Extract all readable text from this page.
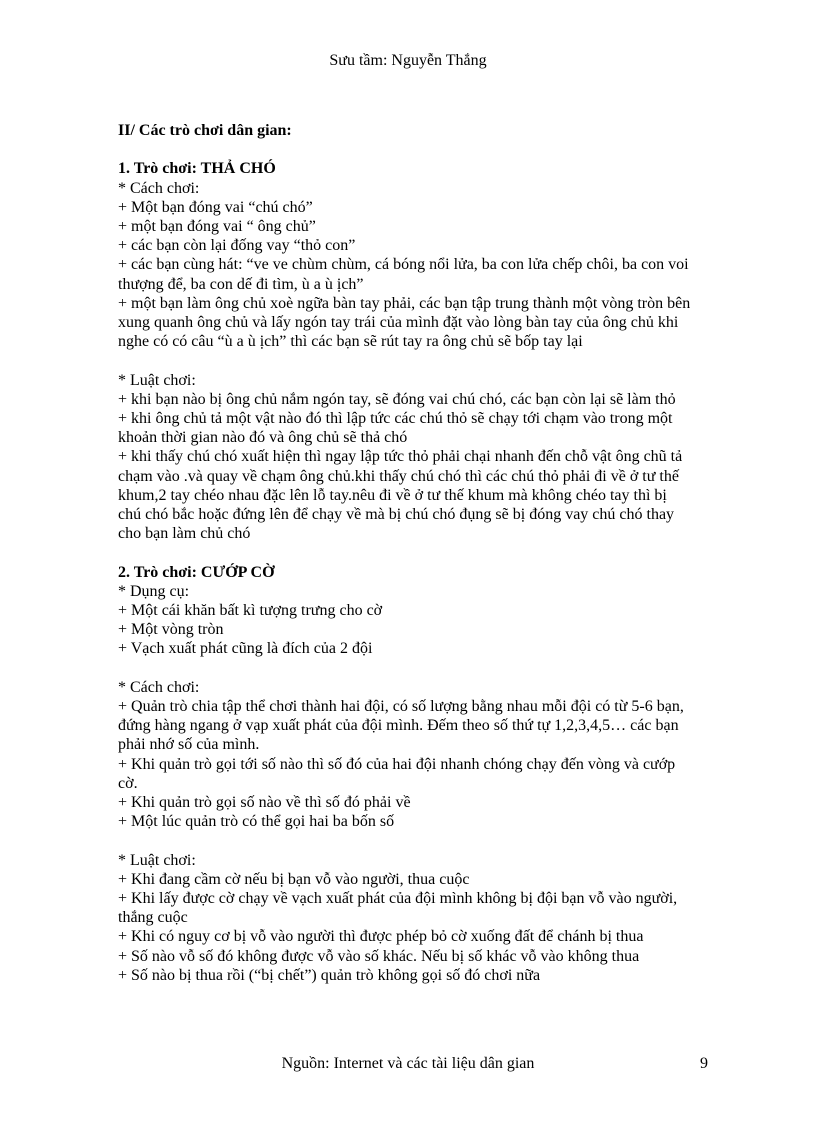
Sưu tầm: Nguyễn Thắng

II/ Các trò chơi dân gian:

1. Trò chơi: THẢ CHÓ

* Cách chơi:

+ Một bạn đóng vai “chú chó”

+ một bạn đóng vai “ ông chủ”

+ các bạn còn lại đống vay “thỏ con”

+ các bạn cùng hát: “ve ve chùm chùm, cá bóng nổi lửa, ba con lửa chếp chôi, ba con voi
thượng để, ba con dế đi tìm, ù a ù ịch”
+ một bạn làm ông chủ xoè ngữa bàn tay phải, các bạn tập trung thành một vòng tròn bên
xung quanh ông chủ và lấy ngón tay trái của mình đặt vào lòng bàn tay của ông chủ khi
nghe có có câu “ù a ù ịch” thì các bạn sẽ rút tay ra ông chủ sẽ bốp tay lại

* Luật chơi:

+ khi bạn nào bị ông chủ nắm ngón tay, sẽ đóng vai chú chó, các bạn còn lại sẽ làm thỏ
+ khi ông chủ tả một vật nào đó thì lập tức các chú thỏ sẽ chạy tới chạm vào trong một
khoản thời gian nào đó và ông chủ sẽ thả chó
+ khi thấy chú chó xuất hiện thì ngay lập tức thỏ phải chại nhanh đến chỗ vật ông chũ tả
chạm vào .và quay về chạm ông chủ.khi thấy chú chó thì các chú thỏ phải đi về ở tư thế
khum,2 tay chéo nhau đặc lên lỗ tay.nêu đi về ở tư thế khum mà không chéo tay thì bị
chú chó bắc hoặc đứng lên để chạy về mà bị chú chó đụng sẽ bị đóng vay chú chó thay
cho bạn làm chủ chó

2. Trò chơi: CƯỚP CỜ

* Dụng cụ:

+ Một cái khăn bất kì tượng trưng cho cờ

+ Một vòng tròn

+ Vạch xuất phát cũng là đích của 2 đội

* Cách chơi:

+ Quản trò chia tập thể chơi thành hai đội, có số lượng bằng nhau mỗi đội có từ 5-6 bạn,
đứng hàng ngang ở vạp xuất phát của đội mình. Đếm theo số thứ tự 1,2,3,4,5… các bạn
phải nhớ số của mình.
+ Khi quản trò gọi tới số nào thì số đó của hai đội nhanh chóng chạy đến vòng và cướp
cờ.
+ Khi quản trò gọi số nào về thì số đó phải về
+ Một lúc quản trò có thể gọi hai ba bốn số

* Luật chơi:

+ Khi đang cầm cờ nếu bị bạn vỗ vào người, thua cuộc
+ Khi lấy được cờ chạy về vạch xuất phát của đội mình không bị đội bạn vỗ vào người,
thắng cuộc
+ Khi có nguy cơ bị vỗ vào người thì được phép bỏ cờ xuống đất để chánh bị thua
+ Số nào vỗ số đó không được vỗ vào số khác. Nếu bị số khác vỗ vào không thua
+ Số nào bị thua rồi (“bị chết”) quản trò không gọi số đó chơi nữa
Nguồn: Internet và các tài liệu dân gian	9
